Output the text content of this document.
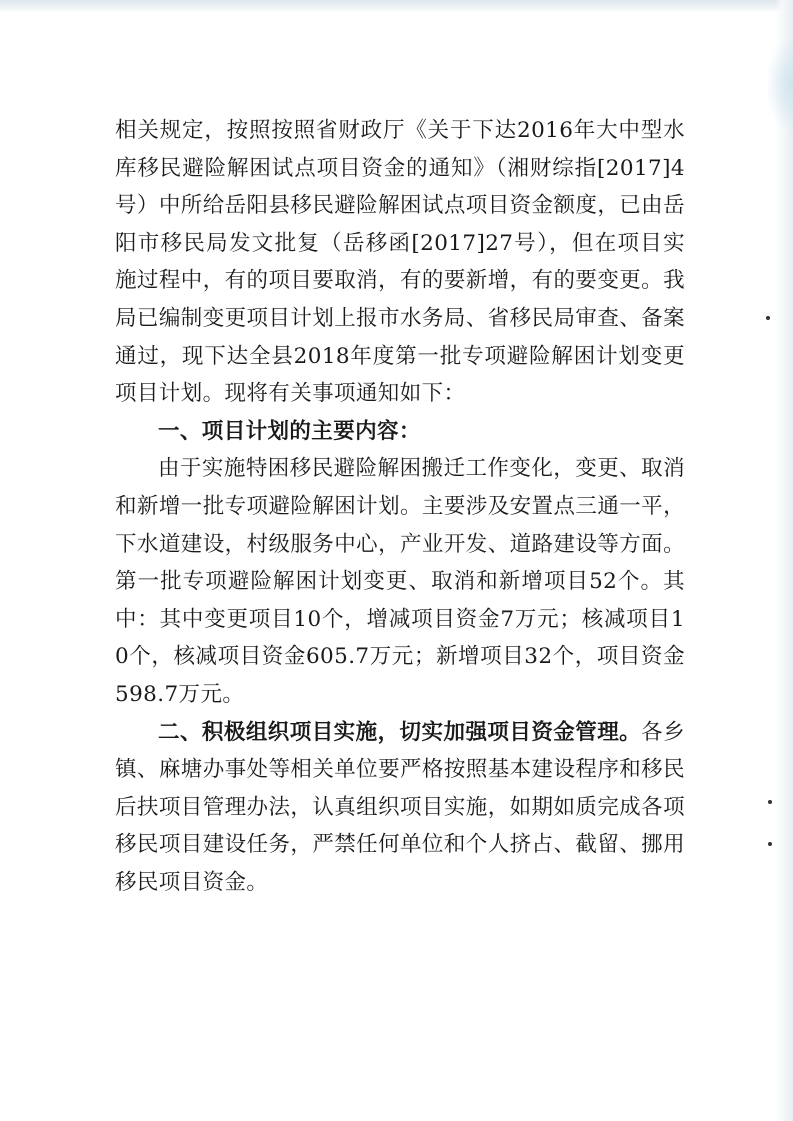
相关规定，按照按照省财政厅《关于下达2016年大中型水库移民避险解困试点项目资金的通知》（湘财综指[2017]4号）中所给岳阳县移民避险解困试点项目资金额度，已由岳阳市移民局发文批复（岳移函[2017]27号），但在项目实施过程中，有的项目要取消，有的要新增，有的要变更。我局已编制变更项目计划上报市水务局、省移民局审查、备案通过，现下达全县2018年度第一批专项避险解困计划变更项目计划。现将有关事项通知如下：

一、项目计划的主要内容：

由于实施特困移民避险解困搬迁工作变化，变更、取消和新增一批专项避险解困计划。主要涉及安置点三通一平，下水道建设，村级服务中心，产业开发、道路建设等方面。第一批专项避险解困计划变更、取消和新增项目52个。其中：其中变更项目10个，增减项目资金7万元；核减项目10个，核减项目资金605.7万元；新增项目32个，项目资金598.7万元。

二、积极组织项目实施，切实加强项目资金管理。各乡镇、麻塘办事处等相关单位要严格按照基本建设程序和移民后扶项目管理办法，认真组织项目实施，如期如质完成各项移民项目建设任务，严禁任何单位和个人挤占、截留、挪用移民项目资金。
